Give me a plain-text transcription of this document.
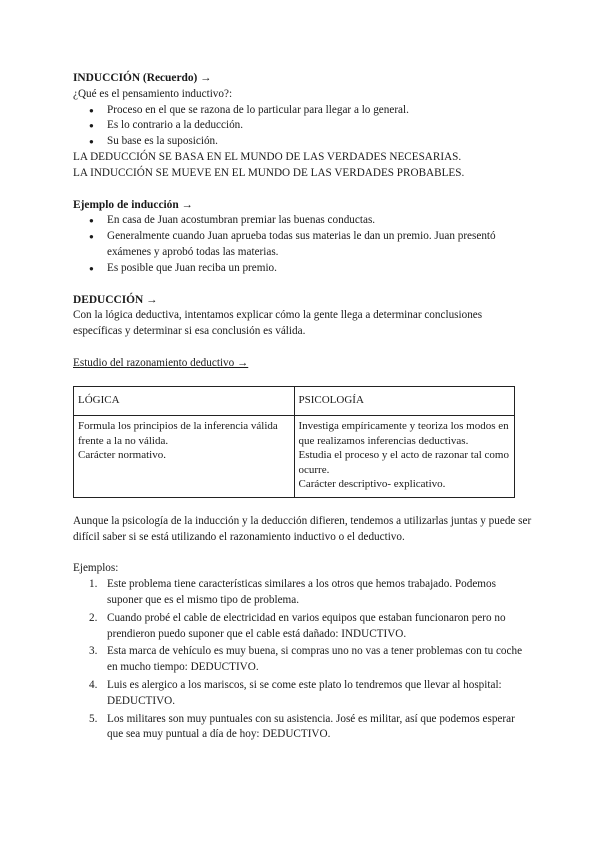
INDUCCIÓN (Recuerdo) →

¿Qué es el pensamiento inductivo?:

● Proceso en el que se razona de lo particular para llegar a lo general.
● Es lo contrario a la deducción.
● Su base es la suposición.

LA DEDUCCIÓN SE BASA EN EL MUNDO DE LAS VERDADES NECESARIAS.

LA INDUCCIÓN SE MUEVE EN EL MUNDO DE LAS VERDADES PROBABLES.

Ejemplo de inducción →
● En casa de Juan acostumbran premiar las buenas conductas.
● Generalmente cuando Juan aprueba todas sus materias le dan un premio. Juan presentó exámenes y aprobó todas las materias.
● Es posible que Juan reciba un premio.
DEDUCCIÓN →

Con la lógica deductiva, intentamos explicar cómo la gente llega a determinar conclusiones específicas y determinar si esa conclusión es válida.

Estudio del razonamiento deductivo →

LÓGICA	PSICOLOGÍA

Formula los principios de la inferencia válida frente a la no válida.
Carácter normativo.	Investiga empíricamente y teoriza los modos en que realizamos inferencias deductivas.
Estudia el proceso y el acto de razonar tal como ocurre.
Carácter descriptivo- explicativo.

Aunque la psicología de la inducción y la deducción difieren, tendemos a utilizarlas juntas y puede ser difícil saber si se está utilizando el razonamiento inductivo o el deductivo.

Ejemplos:

1. Este problema tiene características similares a los otros que hemos trabajado. Podemos suponer que es el mismo tipo de problema.
2. Cuando probé el cable de electricidad en varios equipos que estaban funcionaron pero no prendieron puedo suponer que el cable está dañado: INDUCTIVO.
3. Esta marca de vehículo es muy buena, si compras uno no vas a tener problemas con tu coche en mucho tiempo: DEDUCTIVO.
4. Luis es alergico a los mariscos, si se come este plato lo tendremos que llevar al hospital: DEDUCTIVO.
5. Los militares son muy puntuales con su asistencia. José es militar, así que podemos esperar que sea muy puntual a día de hoy: DEDUCTIVO.
